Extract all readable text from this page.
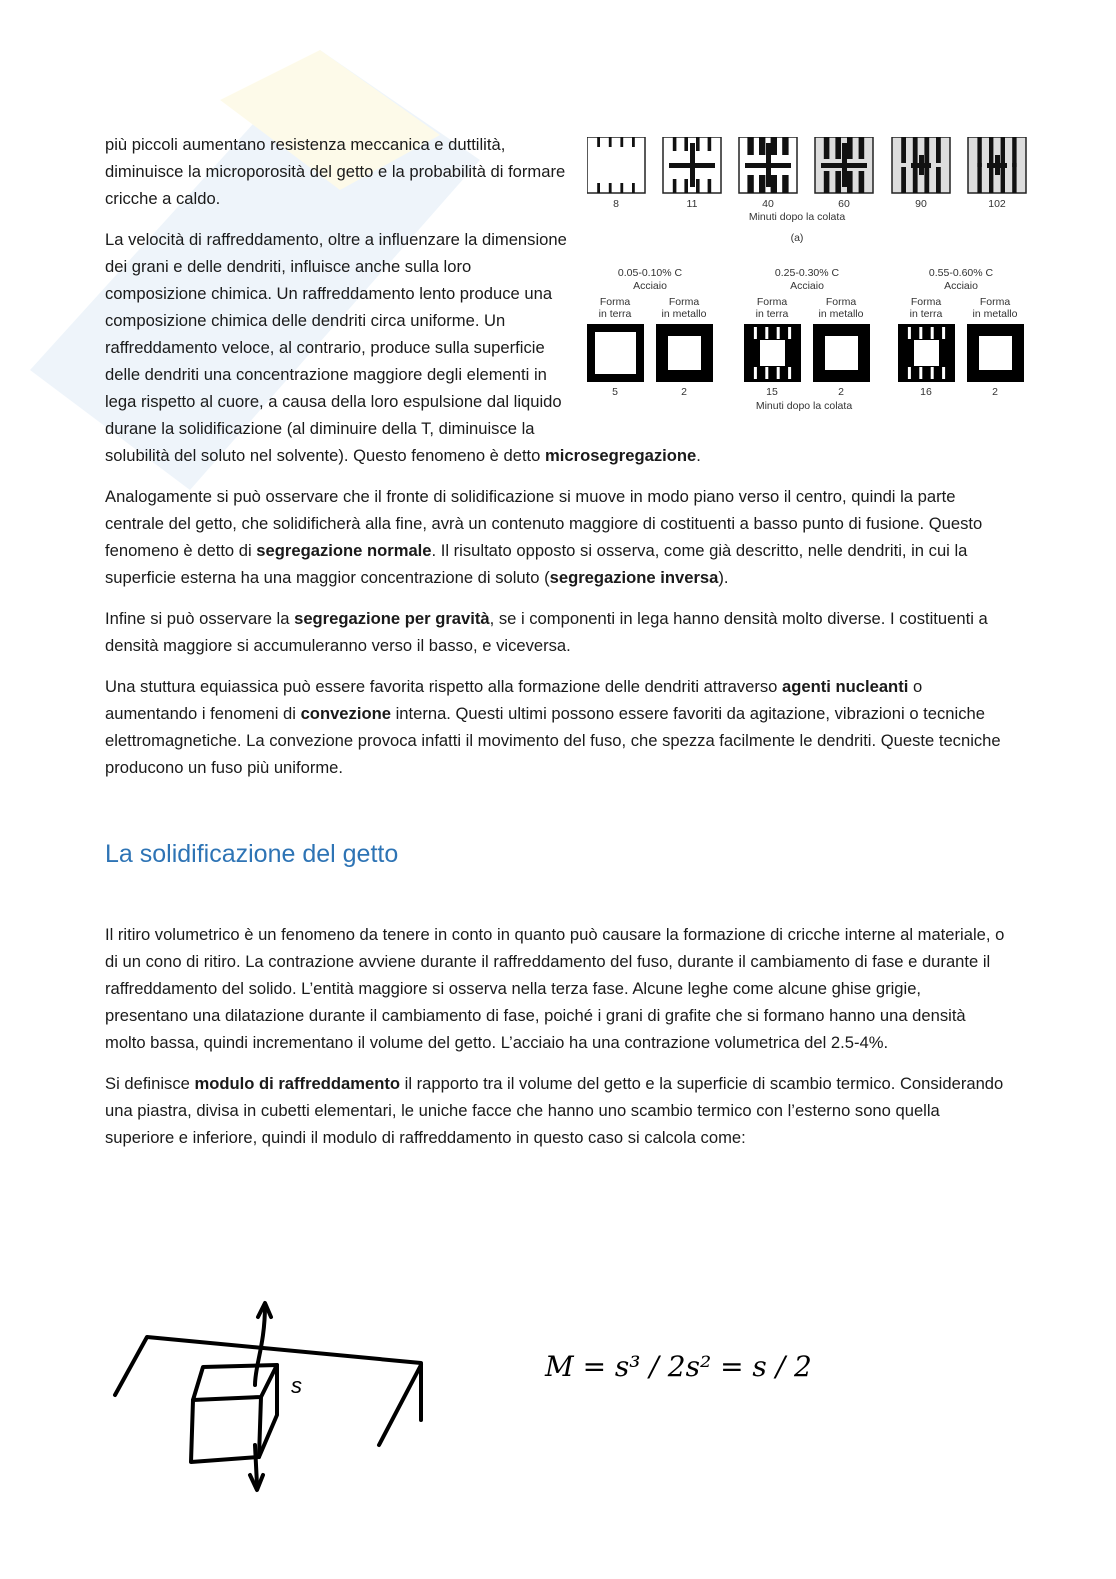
8	11	40	60	90	102
Minuti dopo la colata
(a)
0.05-0.10% C
Acciaio
Forma
in terra
5
Forma
in metallo
2
0.25-0.30% C
Acciaio
Forma
in terra
15
Forma
in metallo
2
0.55-0.60% C
Acciaio
Forma
in terra
16
Forma
in metallo
2
Minuti dopo la colata

più piccoli aumentano resistenza meccanica e duttilità, diminuisce la microporosità del getto e la probabilità di formare cricche a caldo.

La velocità di raffreddamento, oltre a influenzare la dimensione dei grani e delle dendriti, influisce anche sulla loro composizione chimica. Un raffreddamento lento produce una composizione chimica delle dendriti circa uniforme. Un raffreddamento veloce, al contrario, produce sulla superficie delle dendriti una concentrazione maggiore degli elementi in lega rispetto al cuore, a causa della loro espulsione dal liquido durane la solidificazione (al diminuire della T, diminuisce la solubilità del soluto nel solvente). Questo fenomeno è detto microsegregazione.

Analogamente si può osservare che il fronte di solidificazione si muove in modo piano verso il centro, quindi la parte centrale del getto, che solidificherà alla fine, avrà un contenuto maggiore di costituenti a basso punto di fusione. Questo fenomeno è detto di segregazione normale. Il risultato opposto si osserva, come già descritto, nelle dendriti, in cui la superficie esterna ha una maggior concentrazione di soluto (segregazione inversa).

Infine si può osservare la segregazione per gravità, se i componenti in lega hanno densità molto diverse. I costituenti a densità maggiore si accumuleranno verso il basso, e viceversa.

Una stuttura equiassica può essere favorita rispetto alla formazione delle dendriti attraverso agenti nucleanti o aumentando i fenomeni di convezione interna. Questi ultimi possono essere favoriti da agitazione, vibrazioni o tecniche elettromagnetiche. La convezione provoca infatti il movimento del fuso, che spezza facilmente le dendriti. Queste tecniche producono un fuso più uniforme.

La solidificazione del getto

Il ritiro volumetrico è un fenomeno da tenere in conto in quanto può causare la formazione di cricche interne al materiale, o di un cono di ritiro. La contrazione avviene durante il raffreddamento del fuso, durante il cambiamento di fase e durante il raffreddamento del solido. L’entità maggiore si osserva nella terza fase. Alcune leghe come alcune ghise grigie, presentano una dilatazione durante il cambiamento di fase, poiché i grani di grafite che si formano hanno una densità molto bassa, quindi incrementano il volume del getto. L’acciaio ha una contrazione volumetrica del 2.5-4%.

Si definisce modulo di raffreddamento il rapporto tra il volume del getto e la superficie di scambio termico. Considerando una piastra, divisa in cubetti elementari, le uniche facce che hanno uno scambio termico con l’esterno sono quella superiore e inferiore, quindi il modulo di raffreddamento in questo caso si calcola come:

s
M = s³ / 2s² = s / 2
